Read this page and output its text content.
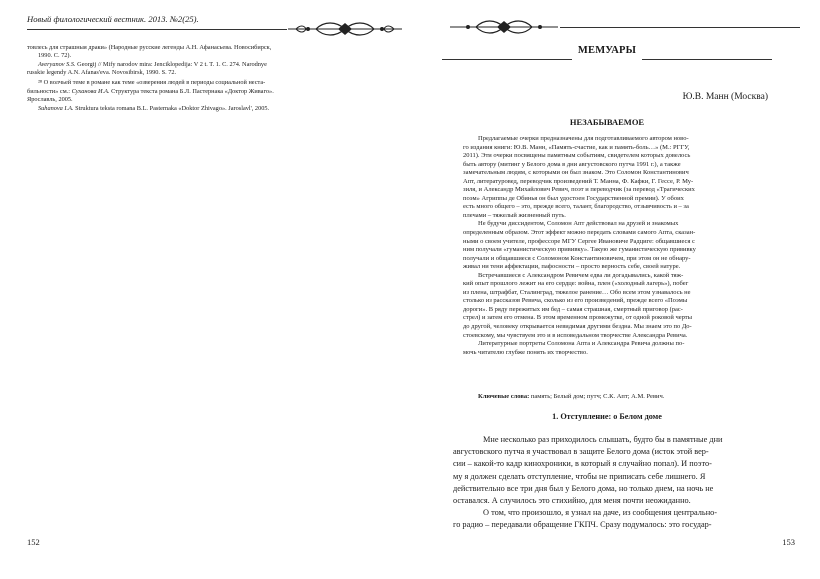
Новый филологический вестник. 2013. №2(25).
товлесь для страшныя драки» (Народные русские легенды А.Н. Афанасьева. Новосибирск,
1990. С. 72).
Averyanov S.S. Georgij // Mify narodov mira: Jenciklopedija: V 2 t. T. 1. C. 274. Narodnye
russkie legendy A.N. Afanas'eva. Novosibirsk, 1990. S. 72.
²⁸ О волчьей теме в романе как теме «озверения людей в периоды социальной неста-
бильности» см.: Суханова И.А. Структура текста романа Б.Л. Пастернака «Доктор Живаго».
Ярославль, 2005.
Suhanova I.A. Struktura teksta romana B.L. Pasternaka «Doktor Zhivago». Jaroslavl', 2005.
152
МЕМУАРЫ
Ю.В. Манн (Москва)
НЕЗАБЫВАЕМОЕ
Предлагаемые очерки предназначены для подготавливаемого автором ново-
го издания книги: Ю.В. Манн, «Память-счастие, как и память-боль…» (М.: РГГУ,
2011). Эти очерки посвящены памятным событиям, свидетелем которых довелось
быть автору (митинг у Белого дома в дни августовского путча 1991 г.), а также
замечательным людям, с которыми он был знаком. Это Соломон Константинович
Апт, литературовед, переводчик произведений Т. Манна, Ф. Кафки, Г. Гессе, Р. Му-
зиля, и Александр Михайлович Ревич, поэт и переводчик (за перевод «Трагических
поэм» Агриппы де Обинья он был удостоен Государственной премии). У обоих
есть много общего – это, прежде всего, талант, благородство, отзывчивость и – за
плечами – тяжелый жизненный путь.
Не будучи диссидентом, Соломон Апт действовал на друзей и знакомых
определенным образом. Этот эффект можно передать словами самого Апта, сказан-
ными о своем учителе, профессоре МГУ Сергее Ивановиче Радциге: общавшиеся с
ним получали «гуманистическую прививку». Такую же гуманистическую прививку
получали и общавшиеся с Соломоном Константиновичем, при этом он не обнару-
живал ни тени аффектации, пафосности – просто верность себе, своей натуре.
Встречавшиеся с Александром Ревичем едва ли догадывались, какой тяж-
кий опыт прошлого лежит на его сердце: война, плен («холодный лагерь»), побег
из плена, штрафбат, Сталинград, тяжелое ранение… Обо всем этом узнавалось не
столько из рассказов Ревича, сколько из его произведений, прежде всего «Поэмы
дороги». В ряду пережитых им бед – самая страшная, смертный приговор (рас-
стрел) и затем его отмена. В этом временном промежутке, от одной роковой черты
до другой, человеку открывается невидимая другими бездна. Мы знаем это по До-
стоевскому, мы чувствуем это и в исповедальном творчестве Александра Ревича.
Литературные портреты Соломона Апта и Александра Ревича должны по-
мочь читателю глубже понять их творчество.
Ключевые слова: память; Белый дом; путч; С.К. Апт; А.М. Ревич.
1. Отступление: о Белом доме
Мне несколько раз приходилось слышать, будто бы в памятные дни
августовского путча я участвовал в защите Белого дома (исток этой вер-
сии – какой-то кадр кинохроники, в который я случайно попал). И поэто-
му я должен сделать отступление, чтобы не приписать себе лишнего. Я
действительно все три дня был у Белого дома, но только днем, на ночь не
оставался. А случилось это стихийно, для меня почти неожиданно.
О том, что произошло, я узнал на даче, из сообщения центрально-
го радио – передавали обращение ГКПЧ. Сразу подумалось: это государ-
153
